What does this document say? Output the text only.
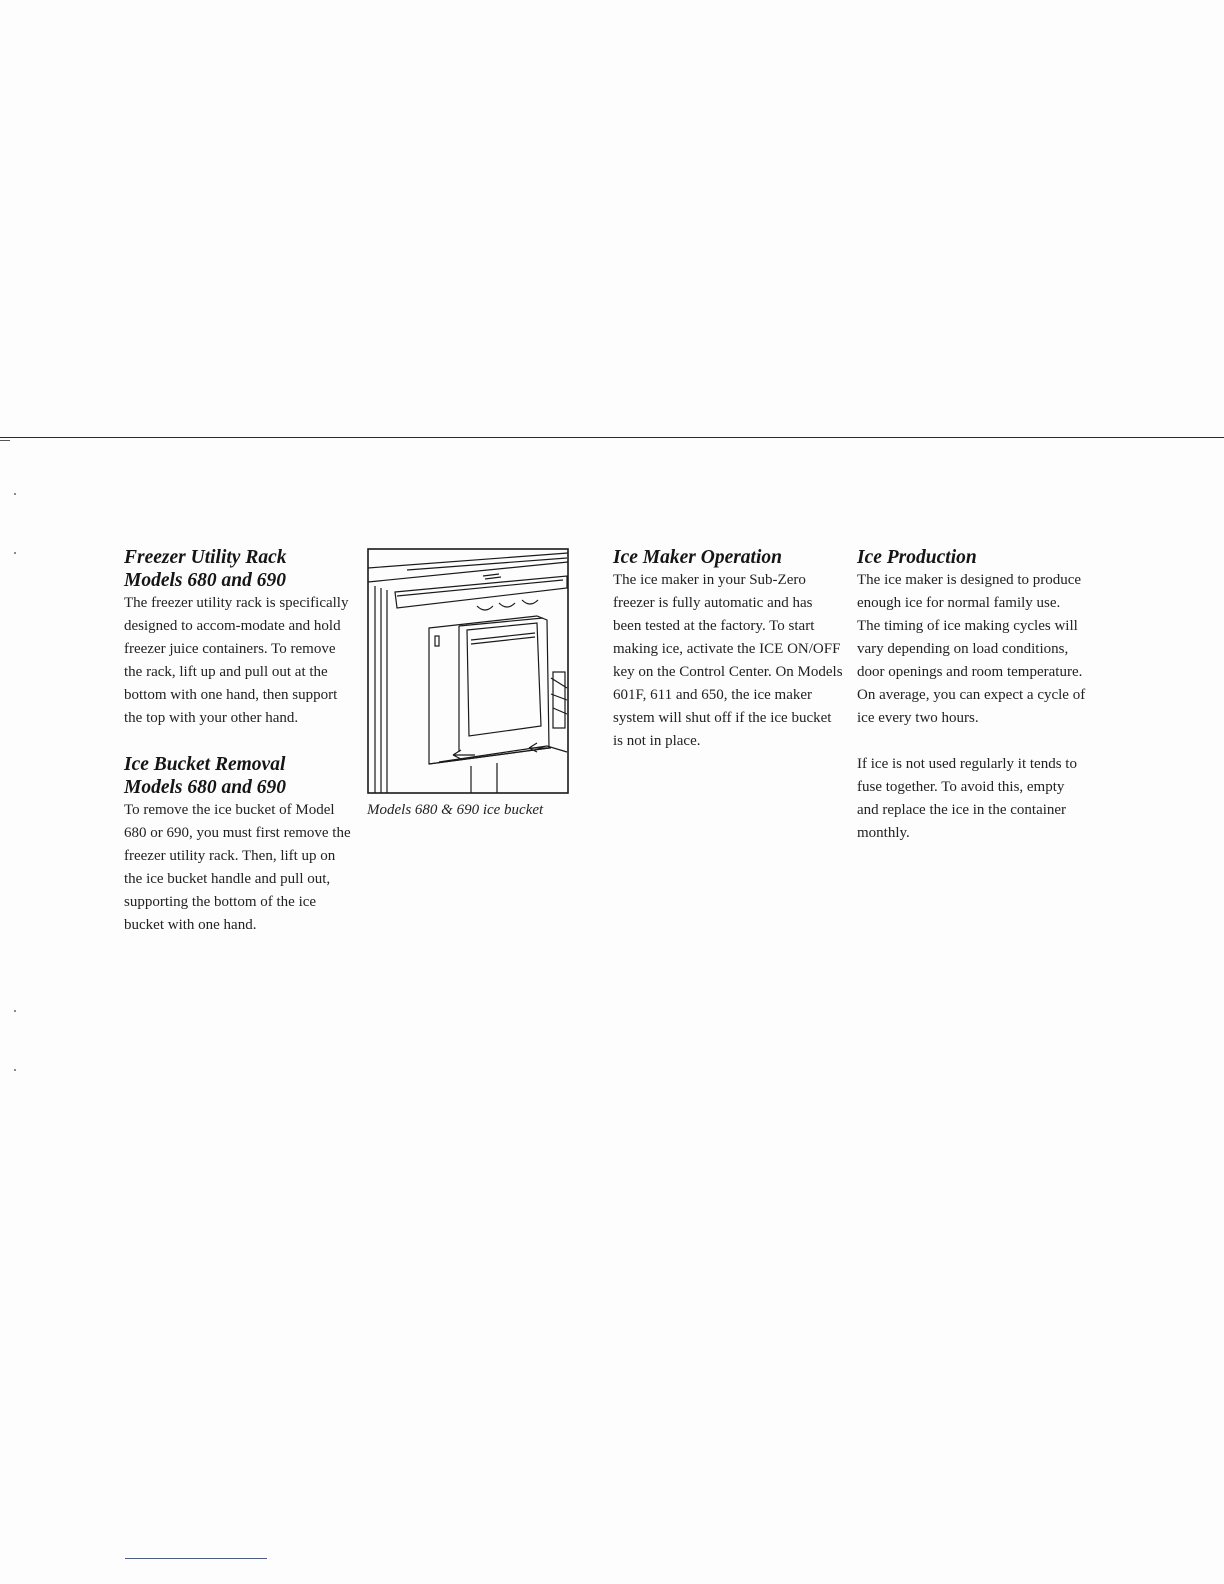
Freezer Utility Rack
Models 680 and 690

The freezer utility rack is specifically designed to accom-modate and hold freezer juice containers. To remove the rack, lift up and pull out at the bottom with one hand, then support the top with your other hand.

Ice Bucket Removal
Models 680 and 690

To remove the ice bucket of Model 680 or 690, you must first remove the freezer utility rack. Then, lift up on the ice bucket handle and pull out, supporting the bottom of the ice bucket with one hand.

Models 680 & 690 ice bucket
Ice Maker Operation

The ice maker in your Sub-Zero freezer is fully automatic and has been tested at the factory. To start making ice, activate the ICE ON/OFF key on the Control Center. On Models 601F, 611 and 650, the ice maker system will shut off if the ice bucket is not in place.

Ice Production

The ice maker is designed to produce enough ice for normal family use. The timing of ice making cycles will vary depending on load conditions, door openings and room temperature. On average, you can expect a cycle of ice every two hours.

If ice is not used regularly it tends to fuse together. To avoid this, empty and replace the ice in the container monthly.
